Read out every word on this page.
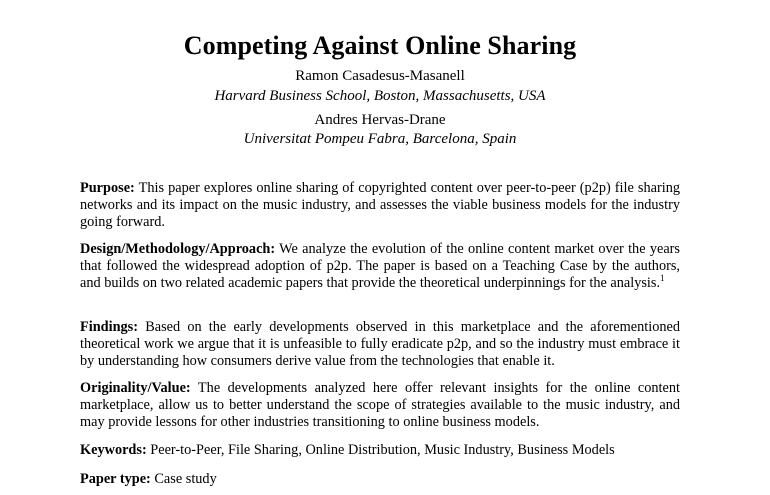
Competing Against Online Sharing
Ramon Casadesus-Masanell
Harvard Business School, Boston, Massachusetts, USA
Andres Hervas-Drane
Universitat Pompeu Fabra, Barcelona, Spain
Purpose: This paper explores online sharing of copyrighted content over peer-to-peer (p2p) file sharing networks and its impact on the music industry, and assesses the viable business models for the industry going forward.
Design/Methodology/Approach: We analyze the evolution of the online content market over the years that followed the widespread adoption of p2p. The paper is based on a Teaching Case by the authors, and builds on two related academic papers that provide the theoretical underpinnings for the analysis.$^1$
Findings: Based on the early developments observed in this marketplace and the aforementioned theoretical work we argue that it is unfeasible to fully eradicate p2p, and so the industry must embrace it by understanding how consumers derive value from the technologies that enable it.
Originality/Value: The developments analyzed here offer relevant insights for the online content marketplace, allow us to better understand the scope of strategies available to the music industry, and may provide lessons for other industries transitioning to online business models.
Keywords: Peer-to-Peer, File Sharing, Online Distribution, Music Industry, Business Models
Paper type: Case study
